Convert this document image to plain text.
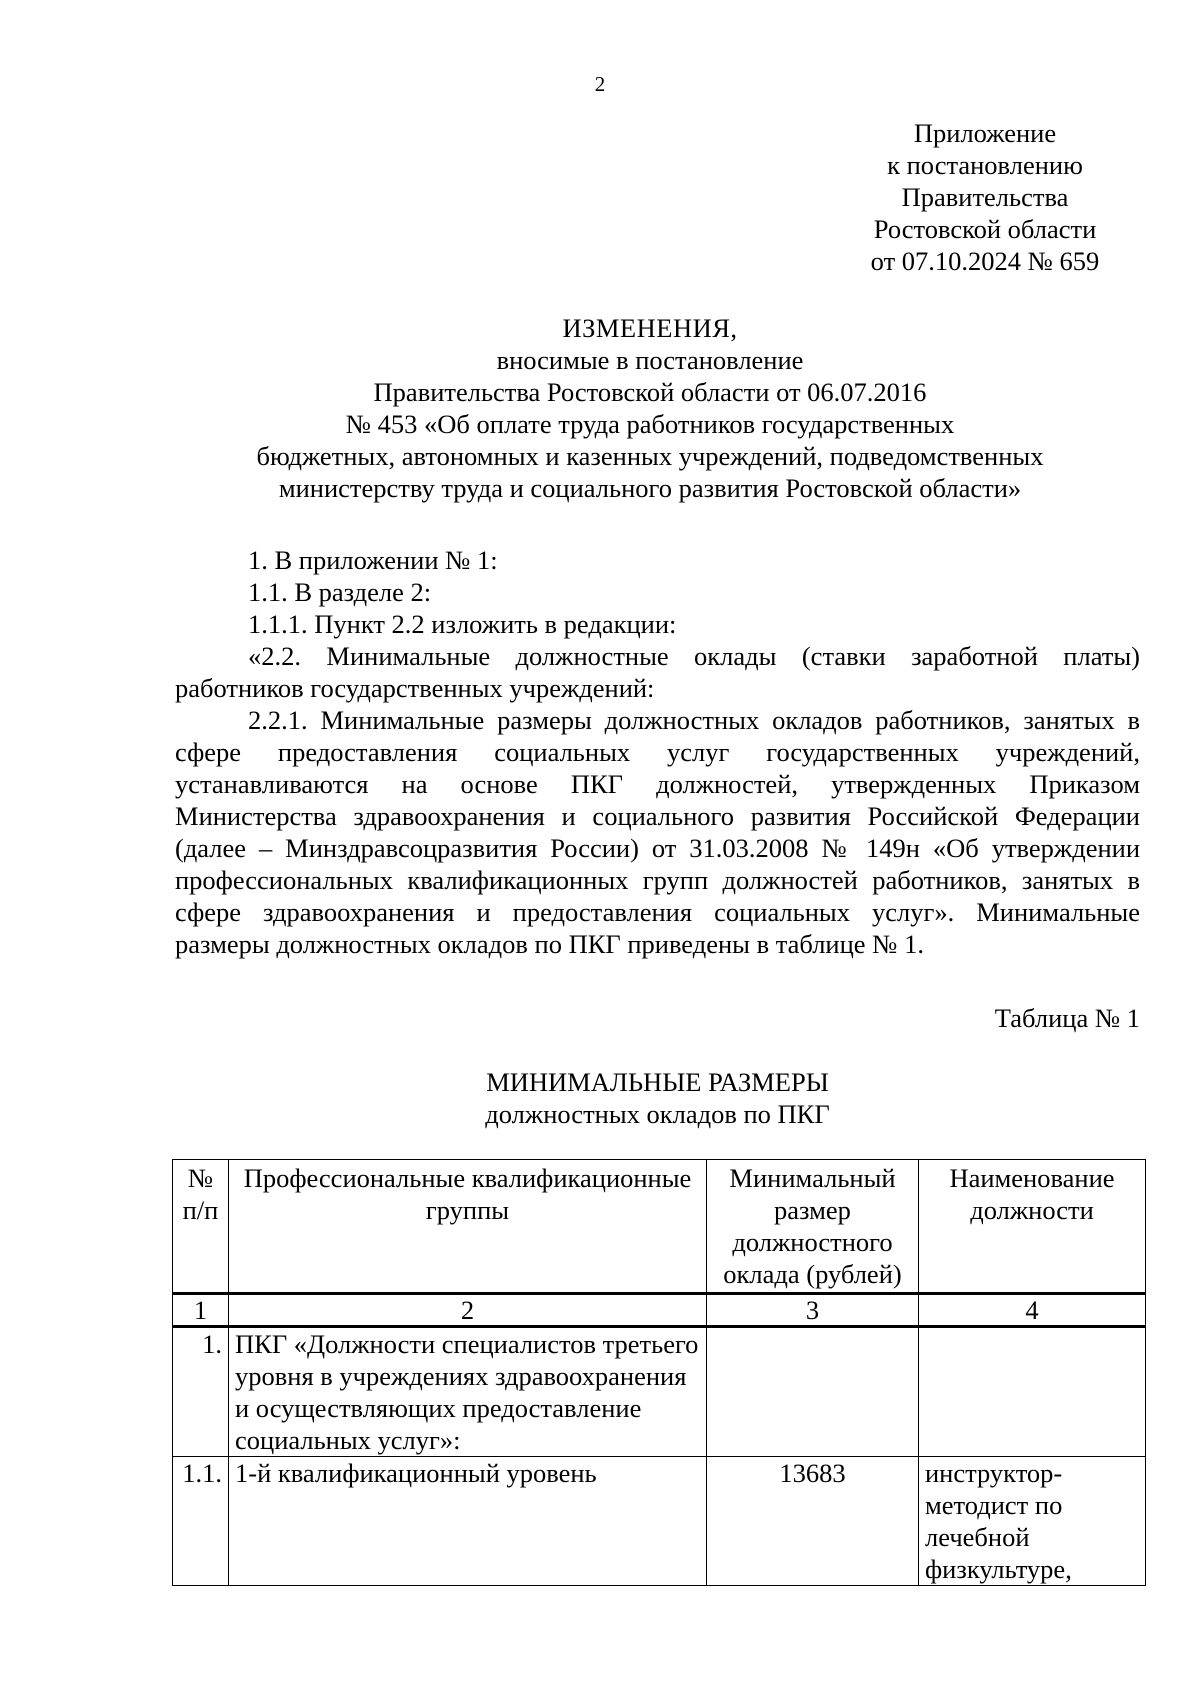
2
Приложение
к постановлению
Правительства
Ростовской области
от 07.10.2024 № 659
ИЗМЕНЕНИЯ,
вносимые в постановление
Правительства Ростовской области от 06.07.2016
№ 453 «Об оплате труда работников государственных
бюджетных, автономных и казенных учреждений, подведомственных
министерству труда и социального развития Ростовской области»

1. В приложении № 1:

1.1. В разделе 2:

1.1.1. Пункт 2.2 изложить в редакции:

«2.2. Минимальные должностные оклады (ставки заработной платы) работников государственных учреждений:

2.2.1. Минимальные размеры должностных окладов работников, занятых в сфере предоставления социальных услуг государственных учреждений, устанавливаются на основе ПКГ должностей, утвержденных Приказом Министерства здравоохранения и социального развития Российской Федерации (далее – Минздравсоцразвития России) от 31.03.2008 № 149н «Об утверждении профессиональных квалификационных групп должностей работников, занятых в сфере здравоохранения и предоставления социальных услуг». Минимальные размеры должностных окладов по ПКГ приведены в таблице № 1.

Таблица № 1
МИНИМАЛЬНЫЕ РАЗМЕРЫ
должностных окладов по ПКГ
№ п/п	Профессиональные квалификационные группы	Минимальный размер должностного оклада (рублей)	Наименование должности
1	2	3	4
1.	ПКГ «Должности специалистов третьего уровня в учреждениях здравоохранения и осуществляющих предоставление социальных услуг»:		
1.1.	1-й квалификационный уровень	13683	инструктор-методист по лечебной физкультуре,
